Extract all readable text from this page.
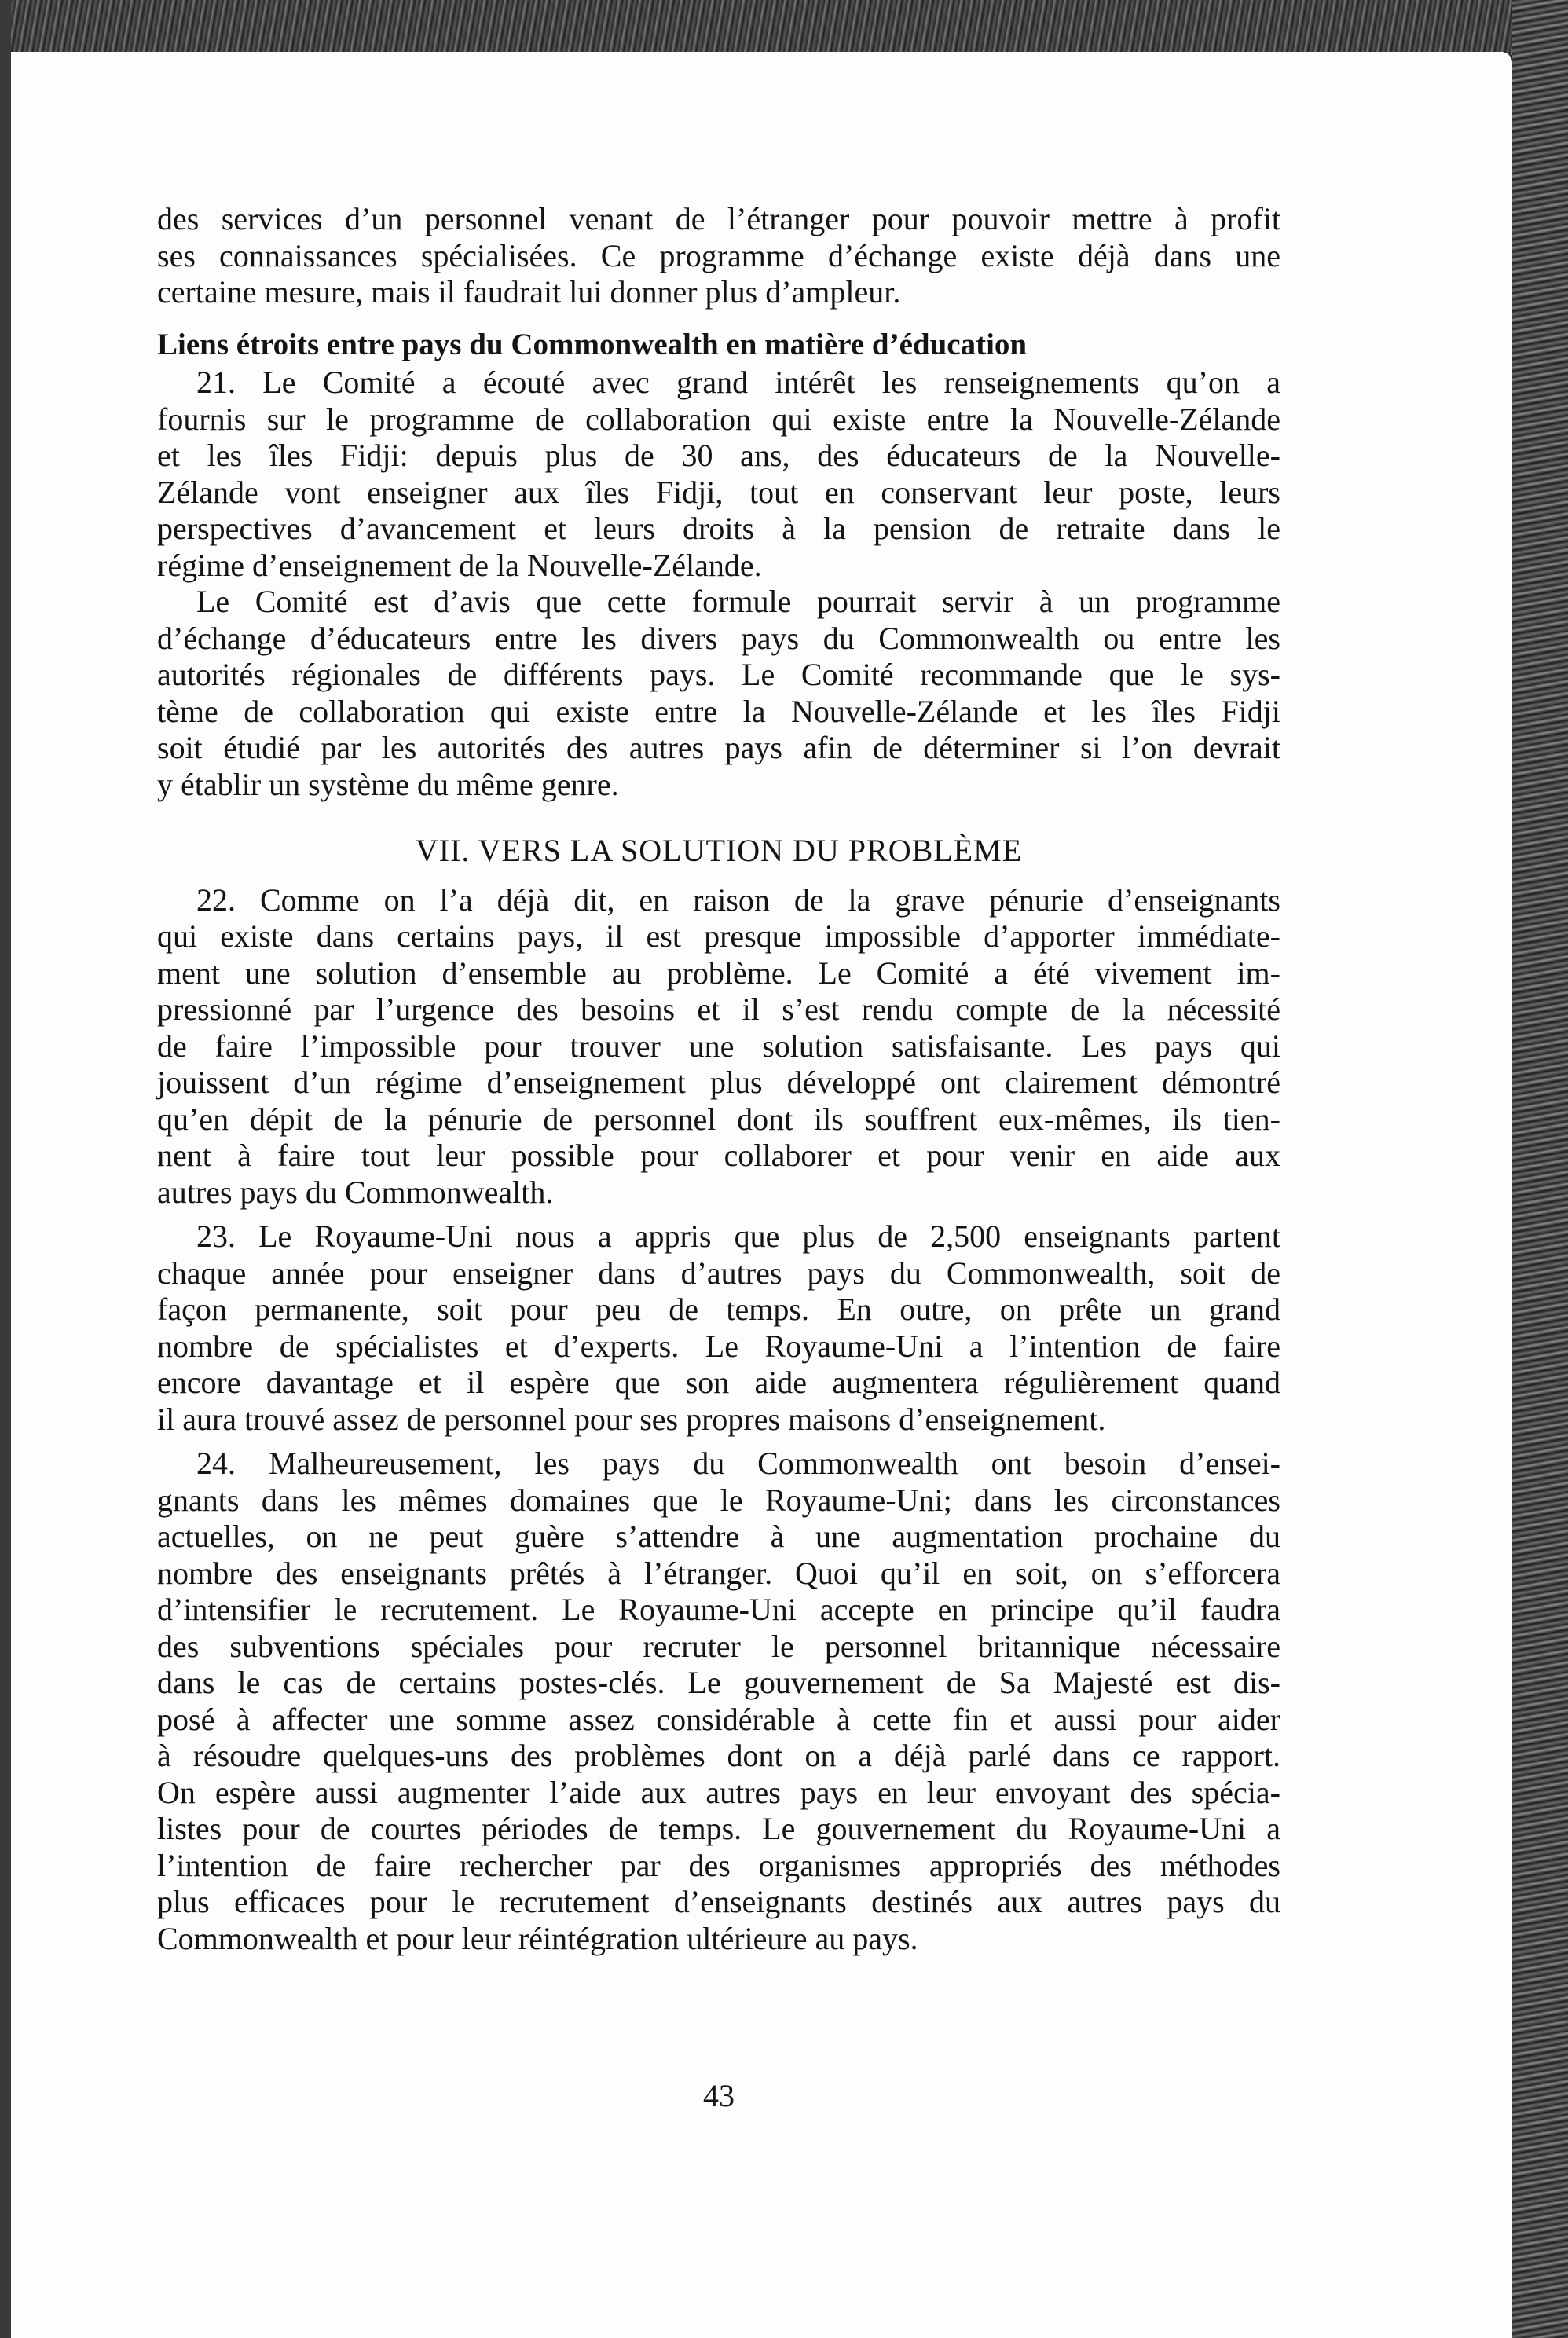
des services d’un personnel venant de l’étranger pour pouvoir mettre à profit

ses connaissances spécialisées. Ce programme d’échange existe déjà dans une

certaine mesure, mais il faudrait lui donner plus d’ampleur.

Liens étroits entre pays du Commonwealth en matière d’éducation

21. Le Comité a écouté avec grand intérêt les renseignements qu’on a

fournis sur le programme de collaboration qui existe entre la Nouvelle-Zélande

et les îles Fidji: depuis plus de 30 ans, des éducateurs de la Nouvelle-

Zélande vont enseigner aux îles Fidji, tout en conservant leur poste, leurs

perspectives d’avancement et leurs droits à la pension de retraite dans le

régime d’enseignement de la Nouvelle-Zélande.

Le Comité est d’avis que cette formule pourrait servir à un programme

d’échange d’éducateurs entre les divers pays du Commonwealth ou entre les

autorités régionales de différents pays. Le Comité recommande que le sys-

tème de collaboration qui existe entre la Nouvelle-Zélande et les îles Fidji

soit étudié par les autorités des autres pays afin de déterminer si l’on devrait

y établir un système du même genre.

VII. VERS LA SOLUTION DU PROBLÈME

22. Comme on l’a déjà dit, en raison de la grave pénurie d’enseignants

qui existe dans certains pays, il est presque impossible d’apporter immédiate-

ment une solution d’ensemble au problème. Le Comité a été vivement im-

pressionné par l’urgence des besoins et il s’est rendu compte de la nécessité

de faire l’impossible pour trouver une solution satisfaisante. Les pays qui

jouissent d’un régime d’enseignement plus développé ont clairement démontré

qu’en dépit de la pénurie de personnel dont ils souffrent eux-mêmes, ils tien-

nent à faire tout leur possible pour collaborer et pour venir en aide aux

autres pays du Commonwealth.

23. Le Royaume-Uni nous a appris que plus de 2,500 enseignants partent

chaque année pour enseigner dans d’autres pays du Commonwealth, soit de

façon permanente, soit pour peu de temps. En outre, on prête un grand

nombre de spécialistes et d’experts. Le Royaume-Uni a l’intention de faire

encore davantage et il espère que son aide augmentera régulièrement quand

il aura trouvé assez de personnel pour ses propres maisons d’enseignement.

24. Malheureusement, les pays du Commonwealth ont besoin d’ensei-

gnants dans les mêmes domaines que le Royaume-Uni; dans les circonstances

actuelles, on ne peut guère s’attendre à une augmentation prochaine du

nombre des enseignants prêtés à l’étranger. Quoi qu’il en soit, on s’efforcera

d’intensifier le recrutement. Le Royaume-Uni accepte en principe qu’il faudra

des subventions spéciales pour recruter le personnel britannique nécessaire

dans le cas de certains postes-clés. Le gouvernement de Sa Majesté est dis-

posé à affecter une somme assez considérable à cette fin et aussi pour aider

à résoudre quelques-uns des problèmes dont on a déjà parlé dans ce rapport.

On espère aussi augmenter l’aide aux autres pays en leur envoyant des spécia-

listes pour de courtes périodes de temps. Le gouvernement du Royaume-Uni a

l’intention de faire rechercher par des organismes appropriés des méthodes

plus efficaces pour le recrutement d’enseignants destinés aux autres pays du

Commonwealth et pour leur réintégration ultérieure au pays.

43
